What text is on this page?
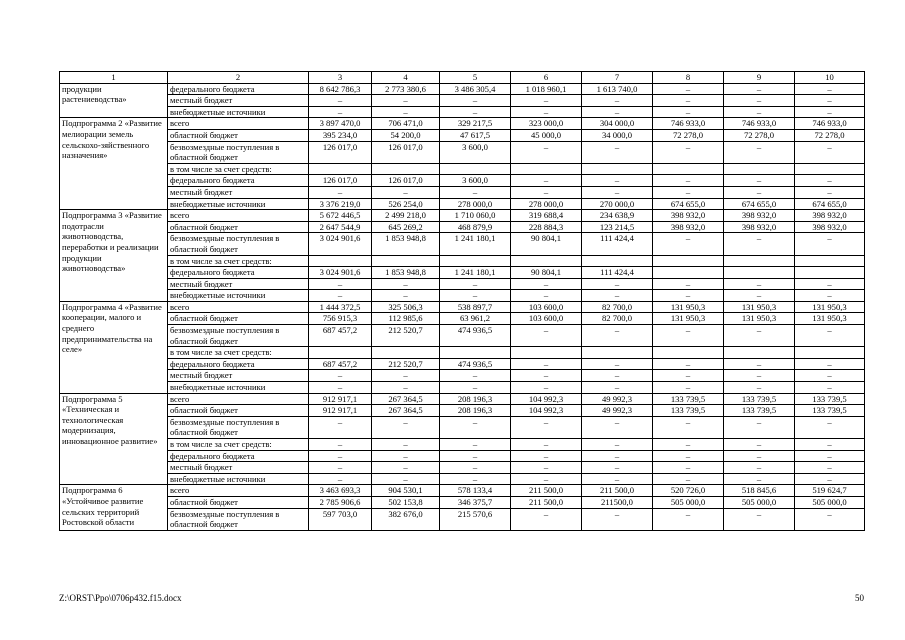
1	2	3	4	5	6	7	8	9	10
продукции растениеводства»	федерального бюджета	8 642 786,3	2 773 380,6	3 486 305,4	1 018 960,1	1 613 740,0	–	–	–
	местный бюджет	–	–	–	–	–	–	–	–
	внебюджетные источники	–	–	–	–	–	–	–	–
Подпрограмма 2 «Развитие мелиорации земель сельскохо-зяйственного назначения»	всего	3 897 470,0	706 471,0	329 217,5	323 000,0	304 000,0	746 933,0	746 933,0	746 933,0
	областной бюджет	395 234,0	54 200,0	47 617,5	45 000,0	34 000,0	72 278,0	72 278,0	72 278,0
	безвозмездные поступления в областной бюджет	126 017,0	126 017,0	3 600,0	–	–	–	–	–
	в том числе за счет средств:								
	федерального бюджета	126 017,0	126 017,0	3 600,0	–	–	–	–	–
	местный бюджет	–	–	–	–	–	–	–	–
	внебюджетные источники	3 376 219,0	526 254,0	278 000,0	278 000,0	270 000,0	674 655,0	674 655,0	674 655,0
Подпрограмма 3 «Развитие подотрасли животноводства, переработки и реализации продукции животноводства»	всего	5 672 446,5	2 499 218,0	1 710 060,0	319 688,4	234 638,9	398 932,0	398 932,0	398 932,0
	областной бюджет	2 647 544,9	645 269,2	468 879,9	228 884,3	123 214,5	398 932,0	398 932,0	398 932,0
	безвозмездные поступления в областной бюджет	3 024 901,6	1 853 948,8	1 241 180,1	90 804,1	111 424,4	–	–	–
	в том числе за счет средств:								
	федерального бюджета	3 024 901,6	1 853 948,8	1 241 180,1	90 804,1	111 424,4			
	местный бюджет	–	–	–	–	–	–	–	–
	внебюджетные источники	–	–	–	–	–	–	–	–
Подпрограмма 4 «Развитие кооперации, малого и среднего предпринимательства на селе»	всего	1 444 372,5	325 506,3	538 897,7	103 600,0	82 700,0	131 950,3	131 950,3	131 950,3
	областной бюджет	756 915,3	112 985,6	63 961,2	103 600,0	82 700,0	131 950,3	131 950,3	131 950,3
	безвозмездные поступления в областной бюджет	687 457,2	212 520,7	474 936,5	–	–	–	–	–
	в том числе за счет средств:								
	федерального бюджета	687 457,2	212 520,7	474 936,5	–	–	–	–	–
	местный бюджет	–	–	–	–	–	–	–	–
	внебюджетные источники	–	–	–	–	–	–	–	–
Подпрограмма 5 «Техническая и технологическая модернизация, инновационное развитие»	всего	912 917,1	267 364,5	208 196,3	104 992,3	49 992,3	133 739,5	133 739,5	133 739,5
	областной бюджет	912 917,1	267 364,5	208 196,3	104 992,3	49 992,3	133 739,5	133 739,5	133 739,5
	безвозмездные поступления в областной бюджет	–	–	–	–	–	–	–	–
	в том числе за счет средств:	–	–	–	–	–	–	–	–
	федерального бюджета	–	–	–	–	–	–	–	–
	местный бюджет	–	–	–	–	–	–	–	–
	внебюджетные источники	–	–	–	–	–	–	–	–
Подпрограмма 6 «Устойчивое развитие сельских территорий Ростовской области	всего	3 463 693,3	904 530,1	578 133,4	211 500,0	211 500,0	520 726,0	518 845,6	519 624,7
	областной бюджет	2 785 906,6	502 153,8	346 375,7	211 500,0	211500,0	505 000,0	505 000,0	505 000,0
	безвозмездные поступления в областной бюджет	597 703,0	382 676,0	215 570,6	–	–	–	–	–
Z:\ORST\Ppo\0706p432.f15.docx	50
